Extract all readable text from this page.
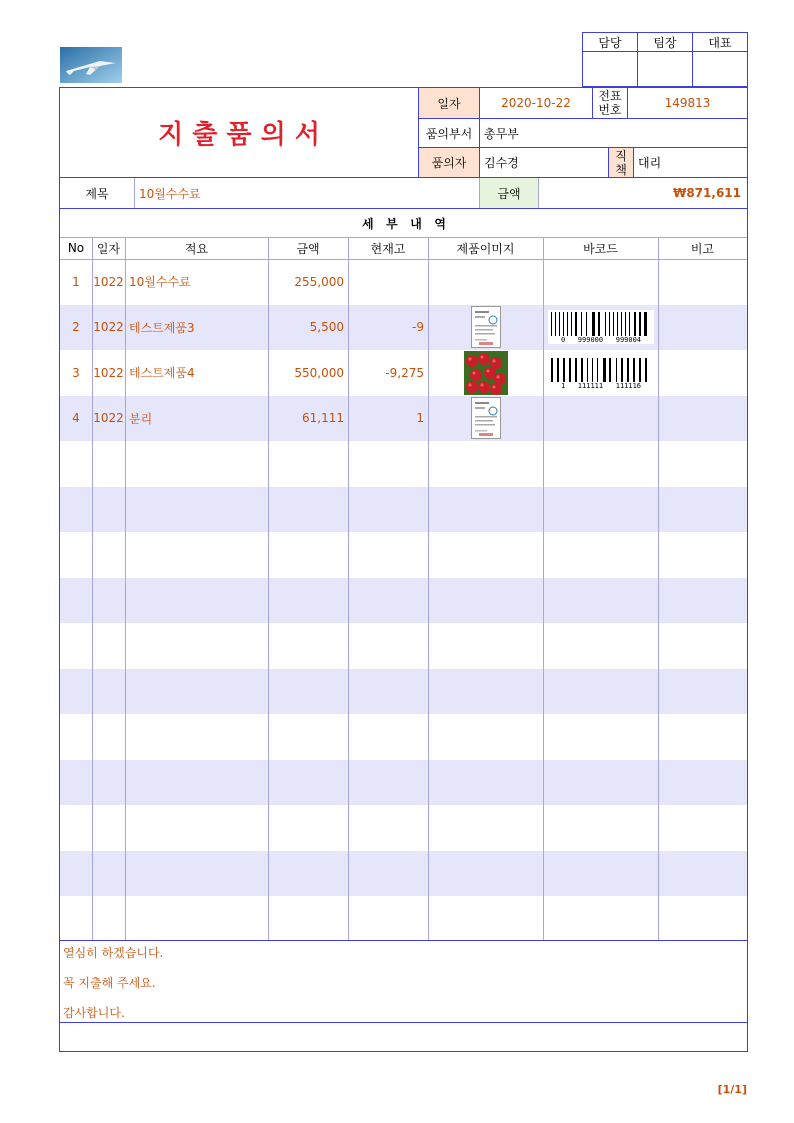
담당	팀장	대표
지 출 품 의 서
일자	2020-10-22	전표
번호	149813
품의부서 총무부
품의자	김수경
직
책 대리
제목	10월수수료	금액	₩871,611
세   부   내   역
No	일자	적요	금액	현재고	제품이미지	바코드	비고
1	1022 10월수수료	255,000
2	1022 테스트제품3	5,500	-9
0   999000   999004
3	1022 테스트제품4	550,000	-9,275
1   111111   111116
4	1022 분리	61,111	1
열심히 하겠습니다.
꼭 지출해 주세요.
감사합니다.
[1/1]
